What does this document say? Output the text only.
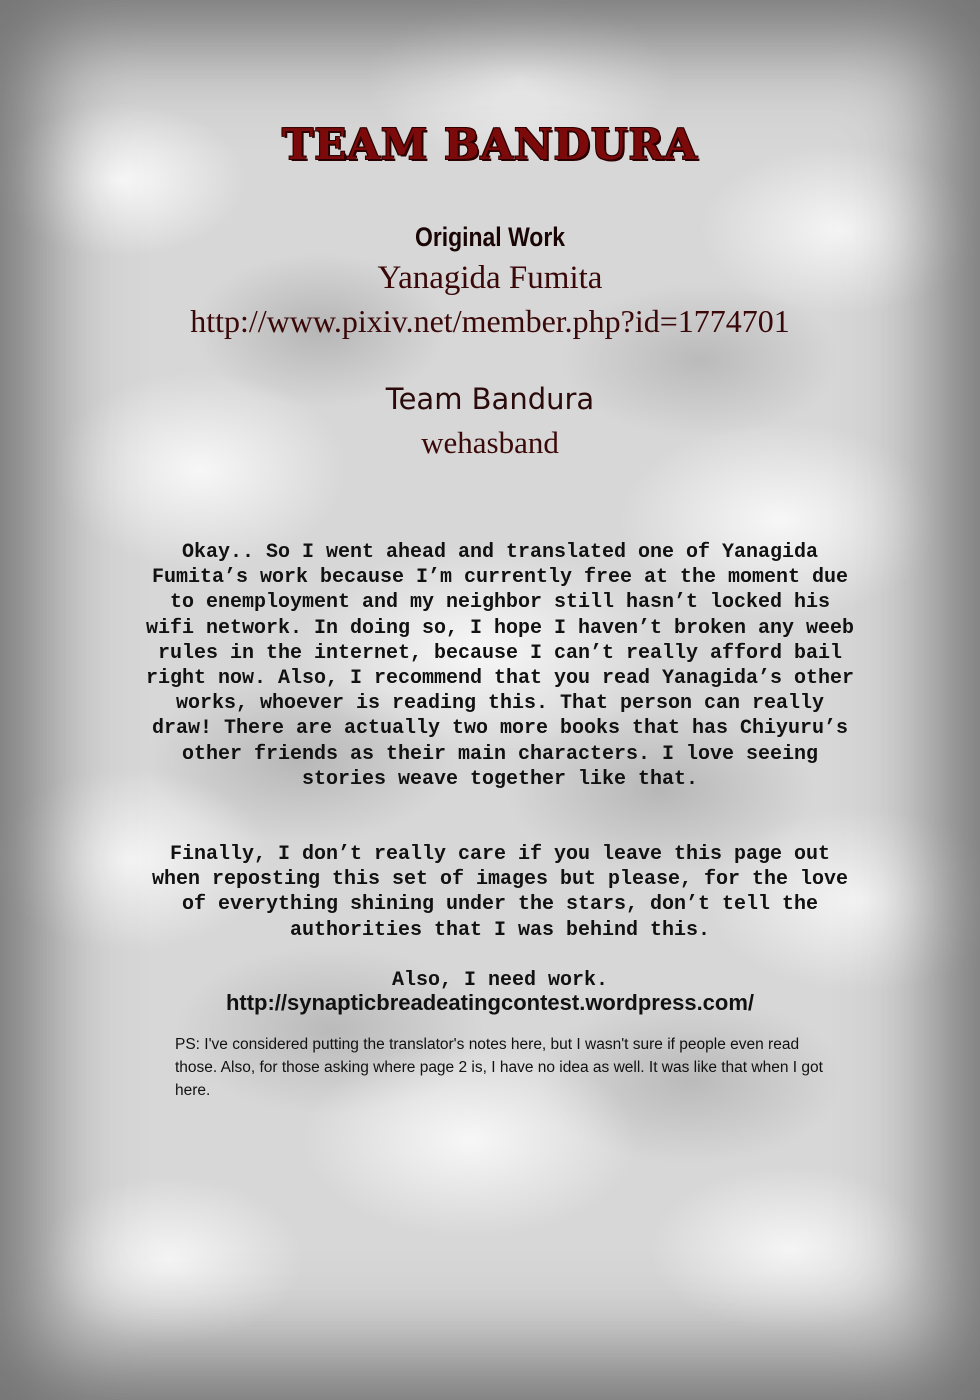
TEAM BANDURA
Original Work
Yanagida Fumita
http://www.pixiv.net/member.php?id=1774701
Team Bandura
wehasband

Okay.. So I went ahead and translated one of Yanagida Fumita’s work because I’m currently free at the moment due to enemployment and my neighbor still hasn’t locked his wifi network. In doing so, I hope I haven’t broken any weeb rules in the internet, because I can’t really afford bail right now. Also, I recommend that you read Yanagida’s other works, whoever is reading this. That person can really draw! There are actually two more books that has Chiyuru’s other friends as their main characters. I love seeing stories weave together like that.

Finally, I don’t really care if you leave this page out when reposting this set of images but please, for the love of everything shining under the stars, don’t tell the authorities that I was behind this.

Also, I need work.

http://synapticbreadeatingcontest.wordpress.com/

PS: I've considered putting the translator's notes here, but I wasn't sure if people even read those. Also, for those asking where page 2 is, I have no idea as well. It was like that when I got here.
